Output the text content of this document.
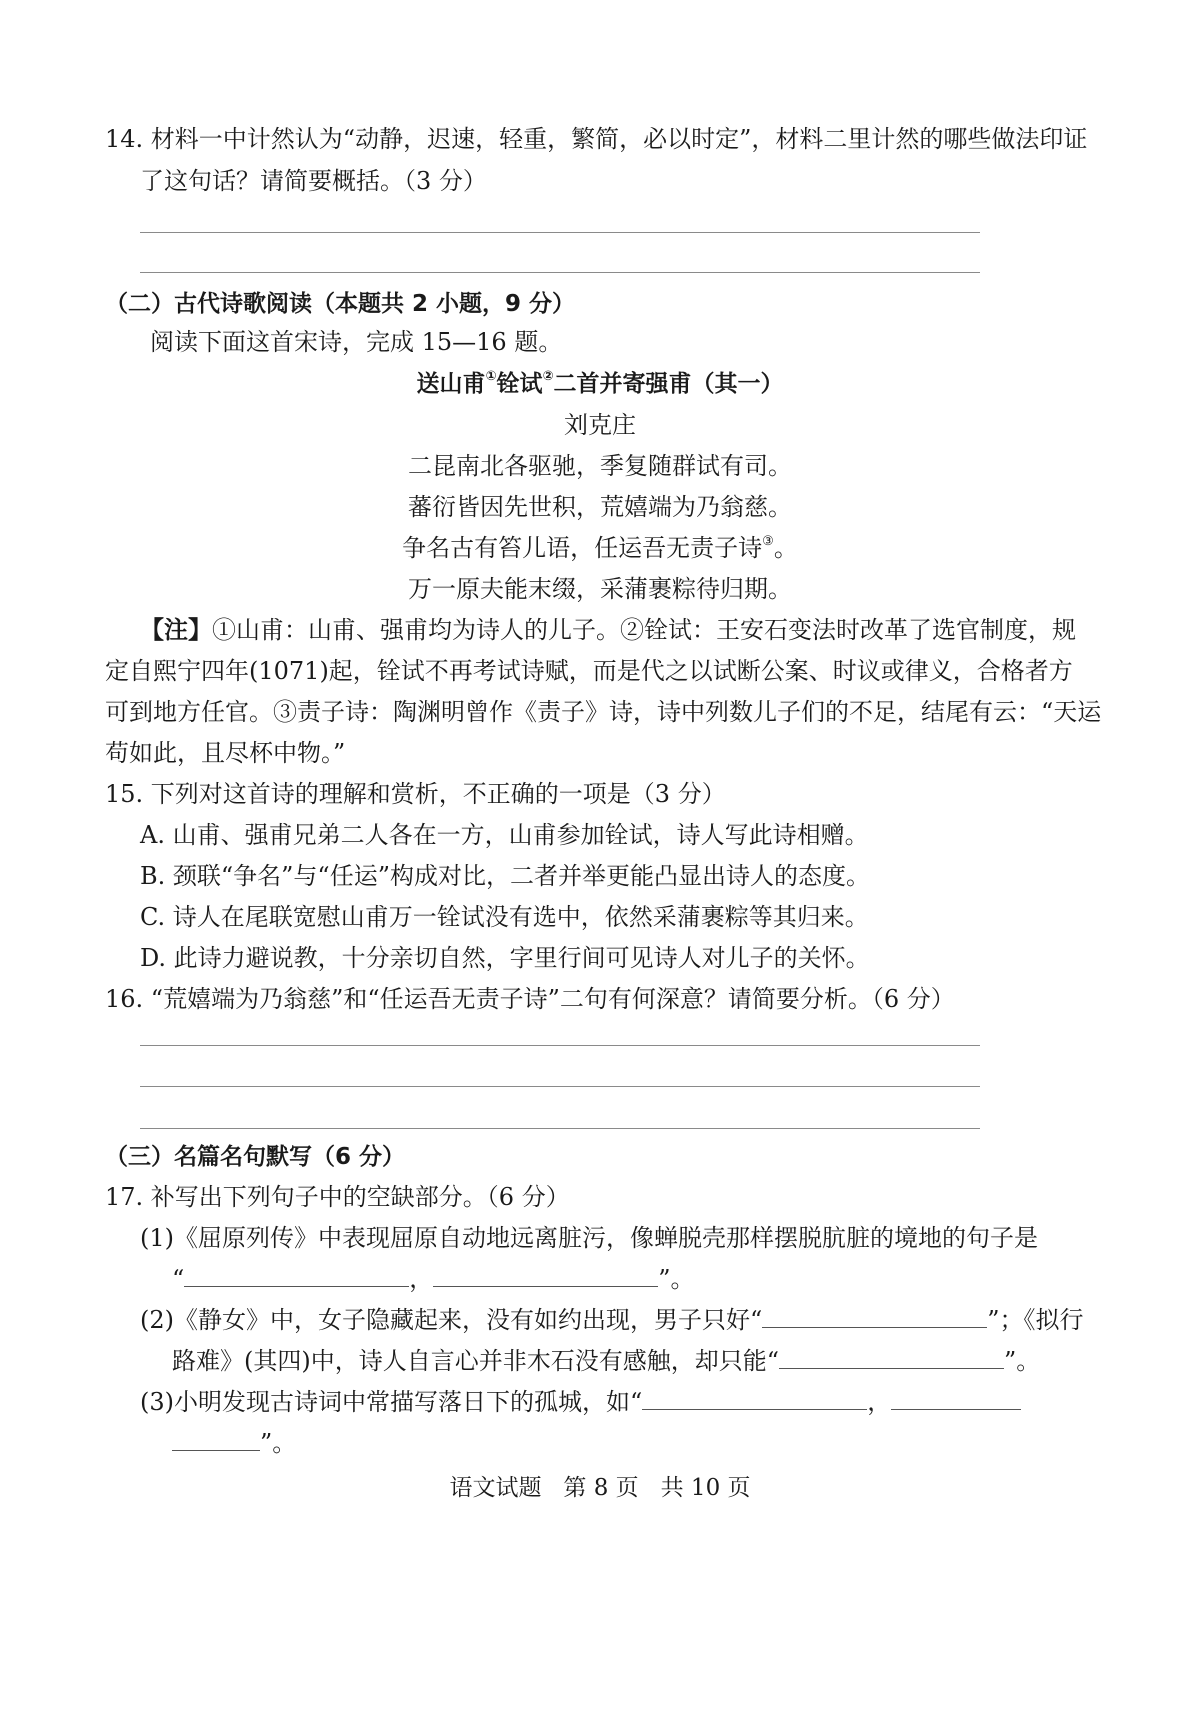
14. 材料一中计然认为“动静，迟速，轻重，繁简，必以时定”，材料二里计然的哪些做法印证
了这句话？请简要概括。（3 分）
（二）古代诗歌阅读（本题共 2 小题，9 分）
阅读下面这首宋诗，完成 15—16 题。
送山甫①铨试②二首并寄强甫（其一）
刘克庄
二昆南北各驱驰，季复随群试有司。
蕃衍皆因先世积，荒嬉端为乃翁慈。
争名古有笞儿语，任运吾无责子诗③。
万一原夫能末缀，采蒲裹粽待归期。
【注】①山甫：山甫、强甫均为诗人的儿子。②铨试：王安石变法时改革了选官制度，规
定自熙宁四年(1071)起，铨试不再考试诗赋，而是代之以试断公案、时议或律义，合格者方
可到地方任官。③责子诗：陶渊明曾作《责子》诗，诗中列数儿子们的不足，结尾有云：“天运
苟如此，且尽杯中物。”
15. 下列对这首诗的理解和赏析，不正确的一项是（3 分）
A. 山甫、强甫兄弟二人各在一方，山甫参加铨试，诗人写此诗相赠。
B. 颈联“争名”与“任运”构成对比，二者并举更能凸显出诗人的态度。
C. 诗人在尾联宽慰山甫万一铨试没有选中，依然采蒲裹粽等其归来。
D. 此诗力避说教，十分亲切自然，字里行间可见诗人对儿子的关怀。
16. “荒嬉端为乃翁慈”和“任运吾无责子诗”二句有何深意？请简要分析。（6 分）
（三）名篇名句默写（6 分）
17. 补写出下列句子中的空缺部分。（6 分）
(1)《屈原列传》中表现屈原自动地远离脏污，像蝉脱壳那样摆脱肮脏的境地的句子是
“	，	”。
(2)《静女》中，女子隐藏起来，没有如约出现，男子只好“	”；《拟行
路难》(其四)中，诗人自言心并非木石没有感触，却只能“	”。
(3)小明发现古诗词中常描写落日下的孤城，如“	，
”。
语文试题 第 8 页 共 10 页
